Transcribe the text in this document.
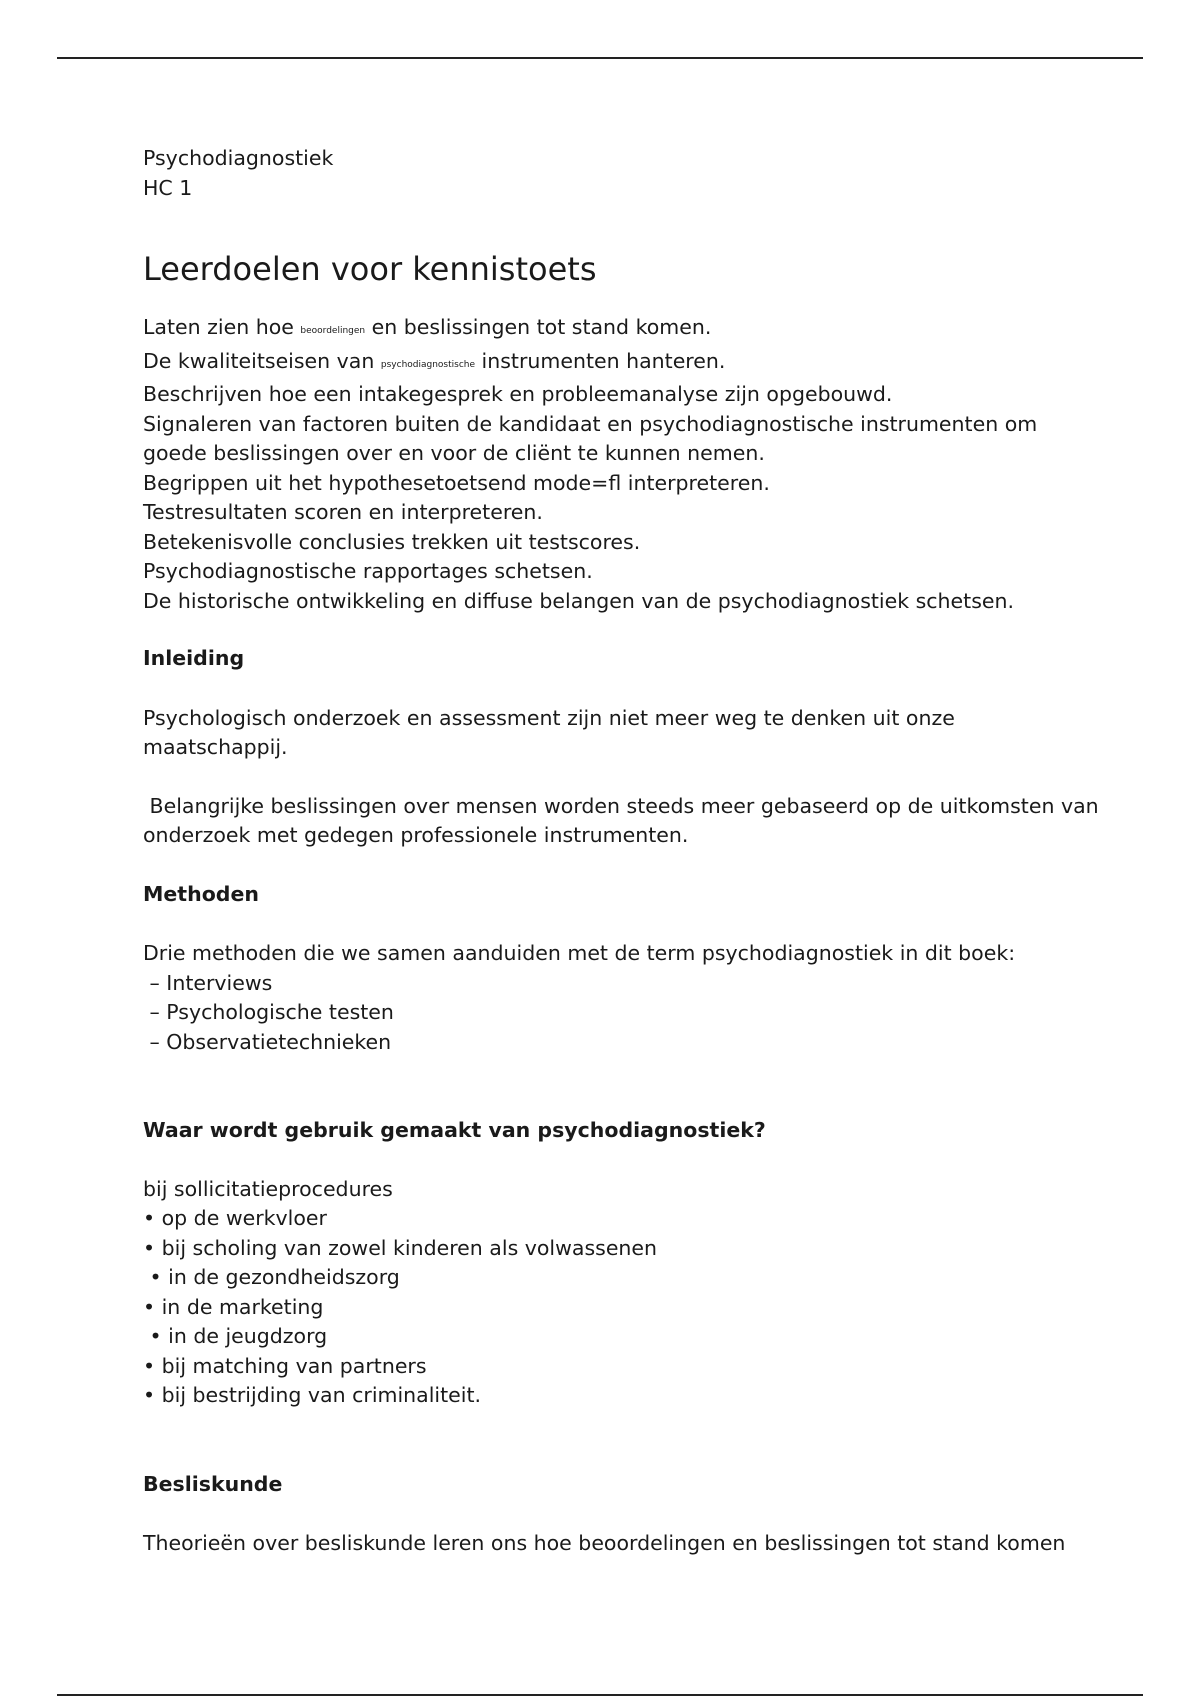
Psychodiagnostiek
HC 1
Leerdoelen voor kennistoets
Laten zien hoe beoordelingen en beslissingen tot stand komen.
De kwaliteitseisen van psychodiagnostische instrumenten hanteren.
Beschrijven hoe een intakegesprek en probleemanalyse zijn opgebouwd.
Signaleren van factoren buiten de kandidaat en psychodiagnostische instrumenten om
goede beslissingen over en voor de cliënt te kunnen nemen.
Begrippen uit het hypothesetoetsend mode=fl interpreteren.
Testresultaten scoren en interpreteren.
Betekenisvolle conclusies trekken uit testscores.
Psychodiagnostische rapportages schetsen.
De historische ontwikkeling en diffuse belangen van de psychodiagnostiek schetsen.
Inleiding
Psychologisch onderzoek en assessment zijn niet meer weg te denken uit onze maatschappij.
Belangrijke beslissingen over mensen worden steeds meer gebaseerd op de uitkomsten van
onderzoek met gedegen professionele instrumenten.
Methoden
Drie methoden die we samen aanduiden met de term psychodiagnostiek in dit boek:
– Interviews
– Psychologische testen
– Observatietechnieken
Waar wordt gebruik gemaakt van psychodiagnostiek?
bij sollicitatieprocedures
• op de werkvloer
• bij scholing van zowel kinderen als volwassenen
• in de gezondheidszorg
• in de marketing
• in de jeugdzorg
• bij matching van partners
• bij bestrijding van criminaliteit.
Besliskunde
Theorieën over besliskunde leren ons hoe beoordelingen en beslissingen tot stand komen
